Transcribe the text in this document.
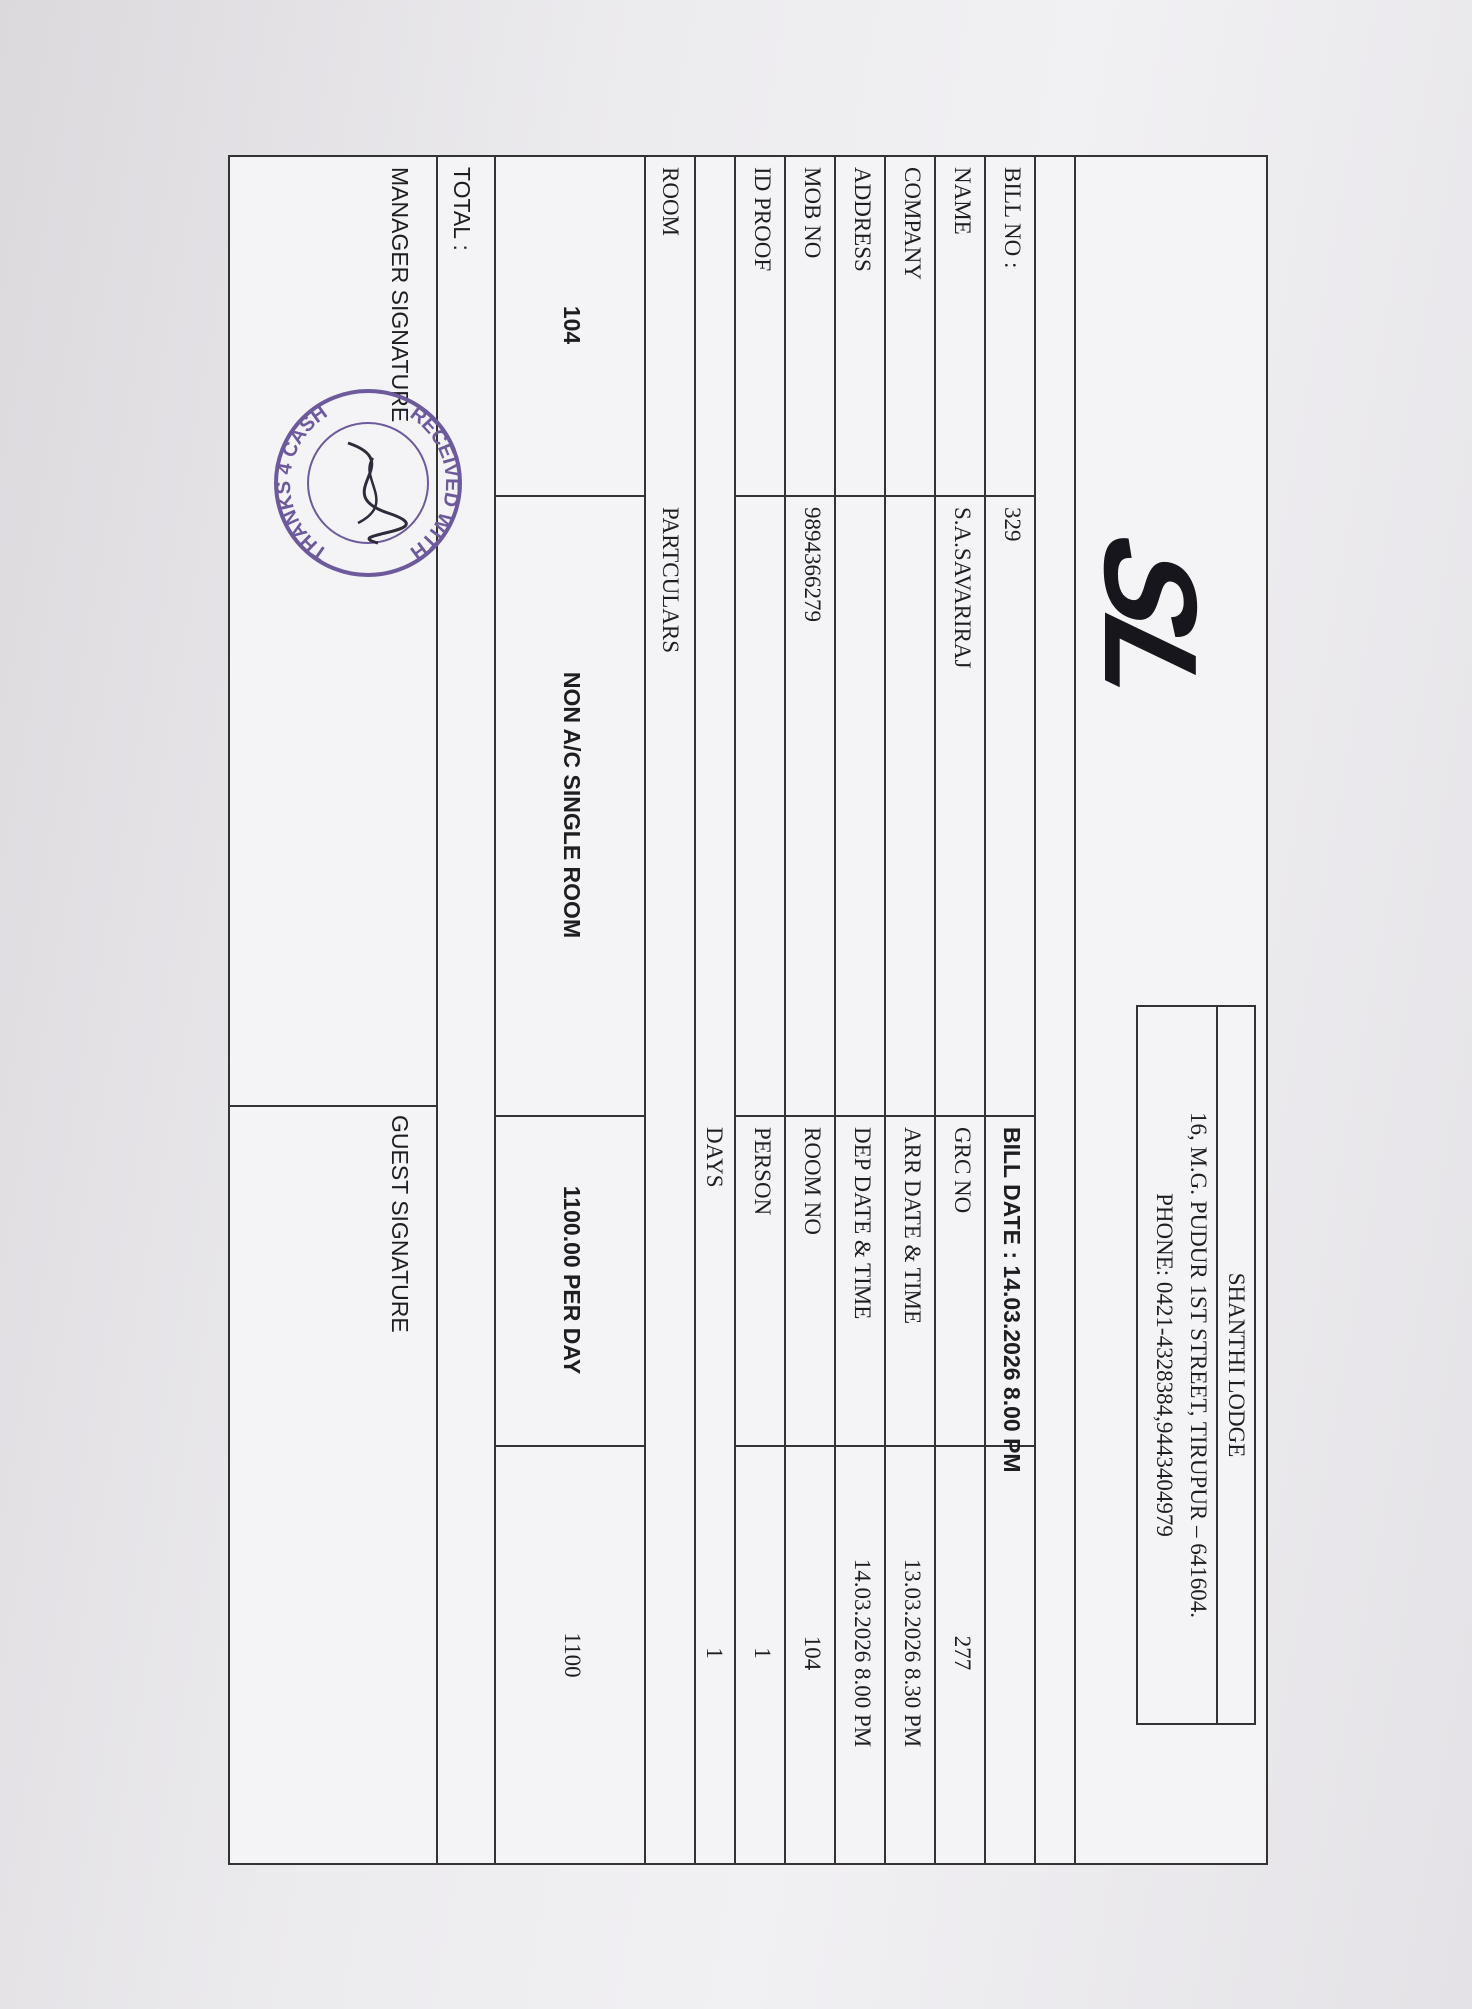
SL
SHANTHI LODGE
16, M.G. PUDUR 1ST STREET, TIRUPUR – 641604.
PHONE: 0421-4328384,9443404979
BILL NO :
329
BILL DATE : 14.03.2026 8.00 PM
NAME
S.A.SAVARIRAJ
GRC NO
277
COMPANY
ARR DATE & TIME
13.03.2026 8.30 PM
ADDRESS
DEP DATE & TIME
14.03.2026 8.00 PM
MOB NO
9894366279
ROOM NO
104
ID PROOF
PERSON
1
DAYS
1
ROOM
PARTCULARS
104
NON A/C SINGLE ROOM
1100.00 PER DAY
1100
TOTAL :
MANAGER SIGNATURE
GUEST SIGNATURE
RECEIVED WITH
THANKS 4 CASH
